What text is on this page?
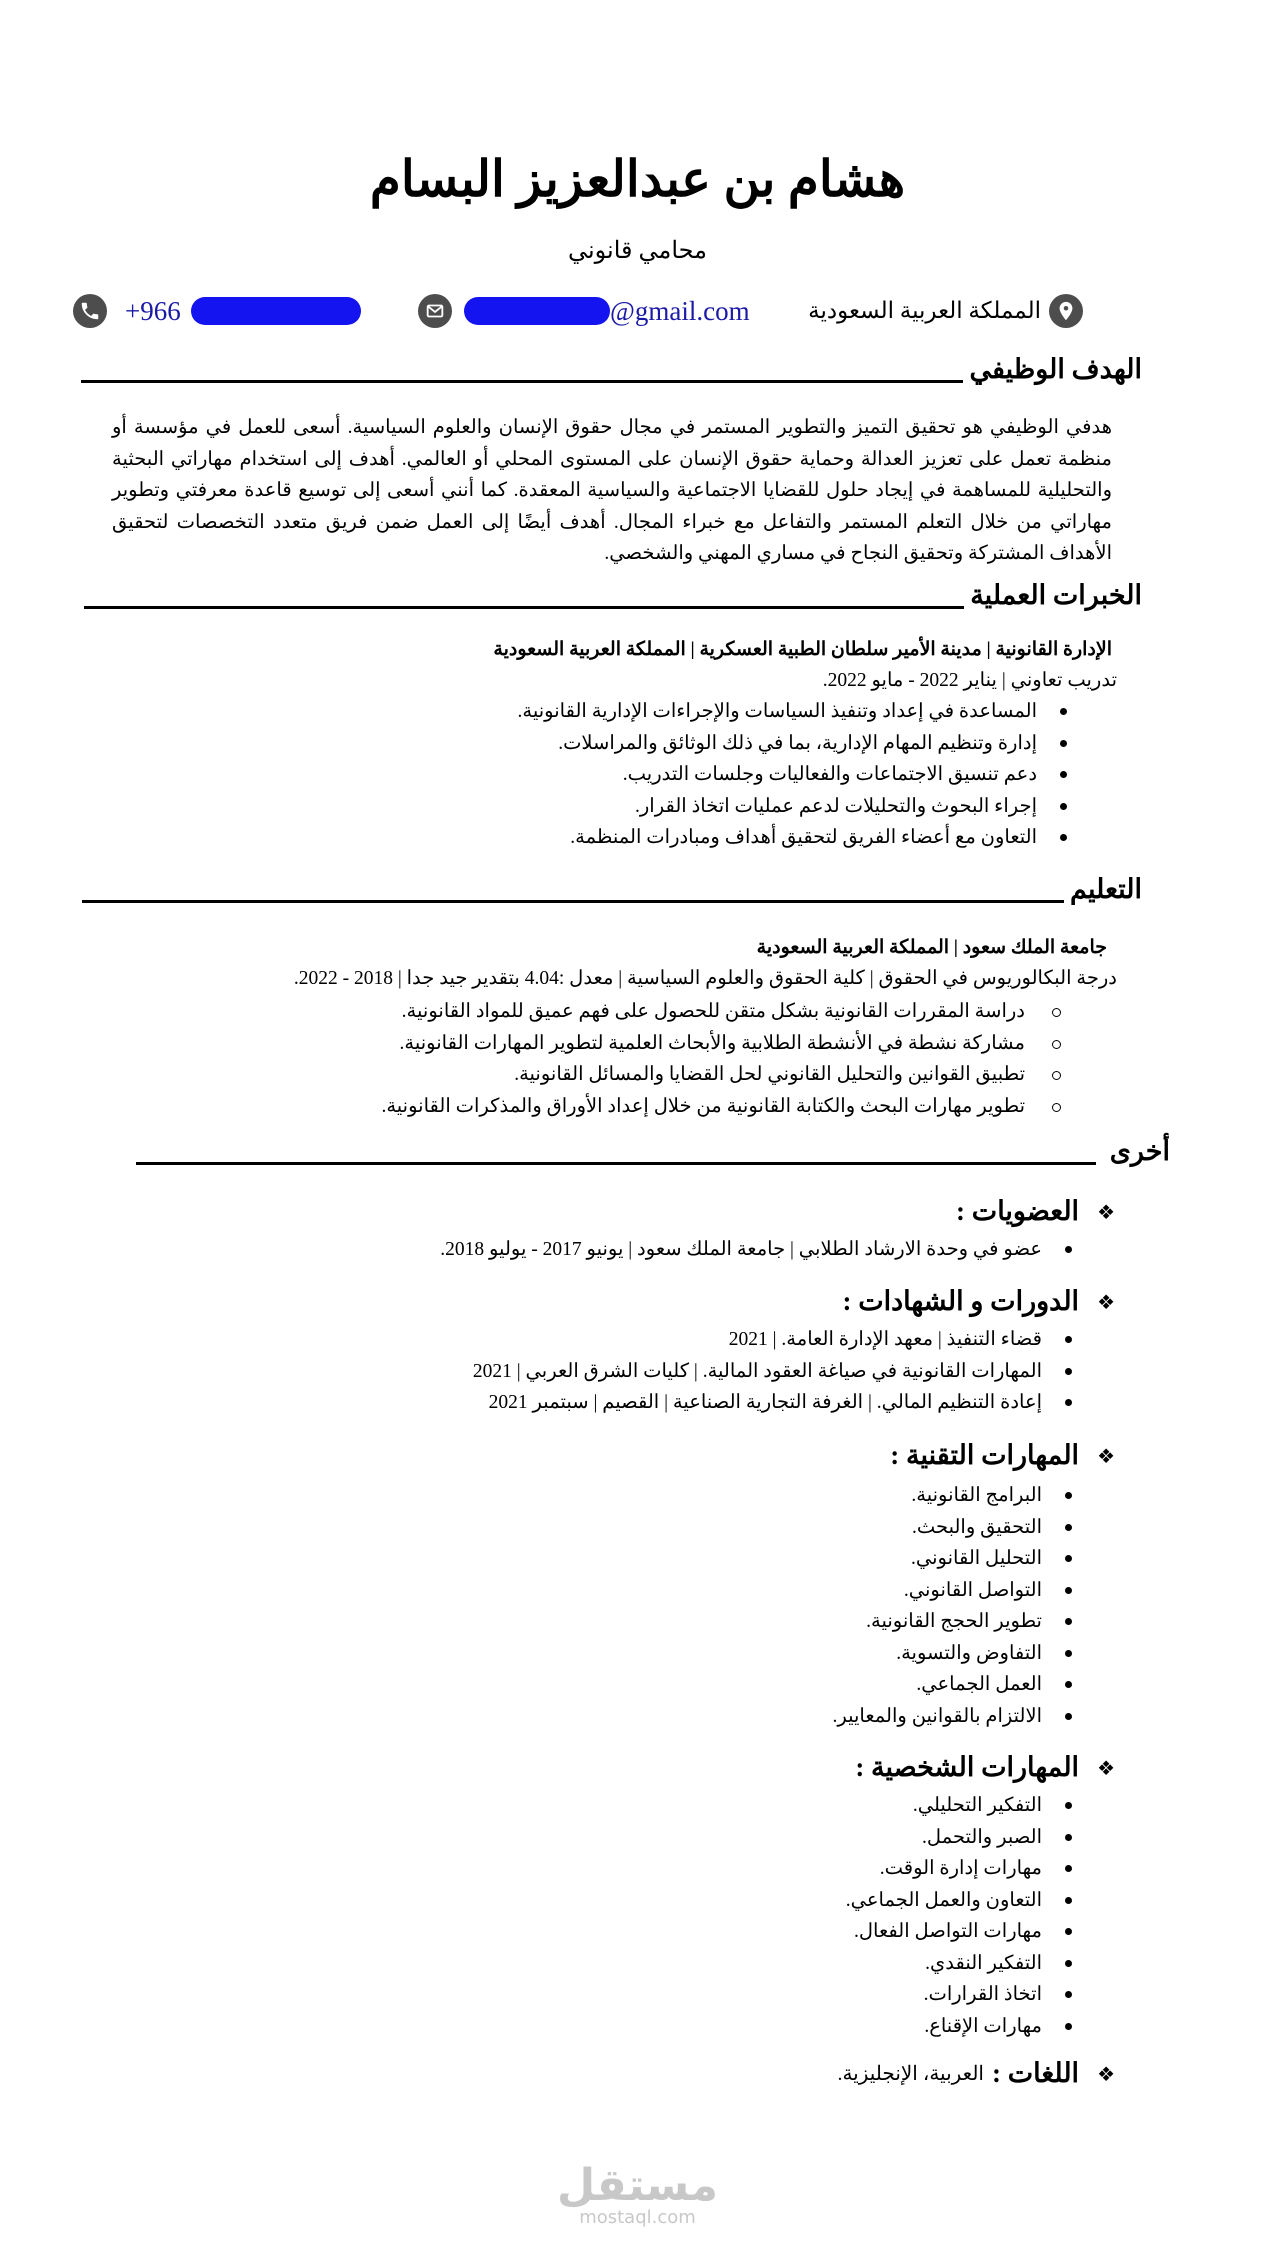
هشام بن عبدالعزيز البسام
محامي قانوني
المملكة العربية السعودية
@gmail.com
+966
الهدف الوظيفي

هدفي الوظيفي هو تحقيق التميز والتطوير المستمر في مجال حقوق الإنسان والعلوم السياسية. أسعى للعمل في مؤسسة أو منظمة تعمل على تعزيز العدالة وحماية حقوق الإنسان على المستوى المحلي أو العالمي. أهدف إلى استخدام مهاراتي البحثية والتحليلية للمساهمة في إيجاد حلول للقضايا الاجتماعية والسياسية المعقدة. كما أنني أسعى إلى توسيع قاعدة معرفتي وتطوير مهاراتي من خلال التعلم المستمر والتفاعل مع خبراء المجال. أهدف أيضًا إلى العمل ضمن فريق متعدد التخصصات لتحقيق الأهداف المشتركة وتحقيق النجاح في مساري المهني والشخصي.

الخبرات العملية
الإدارة القانونية | مدينة الأمير سلطان الطبية العسكرية | المملكة العربية السعودية
تدريب تعاوني | يناير 2022 - مايو 2022.
المساعدة في إعداد وتنفيذ السياسات والإجراءات الإدارية القانونية.
إدارة وتنظيم المهام الإدارية، بما في ذلك الوثائق والمراسلات.
دعم تنسيق الاجتماعات والفعاليات وجلسات التدريب.
إجراء البحوث والتحليلات لدعم عمليات اتخاذ القرار.
التعاون مع أعضاء الفريق لتحقيق أهداف ومبادرات المنظمة.
التعليم
جامعة الملك سعود | المملكة العربية السعودية
درجة البكالوريوس في الحقوق | كلية الحقوق والعلوم السياسية | معدل :4.04 بتقدير جيد جدا | 2018 - 2022.
دراسة المقررات القانونية بشكل متقن للحصول على فهم عميق للمواد القانونية.
مشاركة نشطة في الأنشطة الطلابية والأبحاث العلمية لتطوير المهارات القانونية.
تطبيق القوانين والتحليل القانوني لحل القضايا والمسائل القانونية.
تطوير مهارات البحث والكتابة القانونية من خلال إعداد الأوراق والمذكرات القانونية.
أخرى
❖
العضويات :
عضو في وحدة الارشاد الطلابي | جامعة الملك سعود | يونيو 2017 - يوليو 2018.
❖
الدورات و الشهادات :
قضاء التنفيذ | معهد الإدارة العامة. | 2021
المهارات القانونية في صياغة العقود المالية. | كليات الشرق العربي | 2021
إعادة التنظيم المالي. | الغرفة التجارية الصناعية | القصيم | سبتمبر 2021
❖
المهارات التقنية :
البرامج القانونية.
التحقيق والبحث.
التحليل القانوني.
التواصل القانوني.
تطوير الحجج القانونية.
التفاوض والتسوية.
العمل الجماعي.
الالتزام بالقوانين والمعايير.
❖
المهارات الشخصية :
التفكير التحليلي.
الصبر والتحمل.
مهارات إدارة الوقت.
التعاون والعمل الجماعي.
مهارات التواصل الفعال.
التفكير النقدي.
اتخاذ القرارات.
مهارات الإقناع.
❖
اللغات :
العربية، الإنجليزية.
مستقل
mostaql.com
